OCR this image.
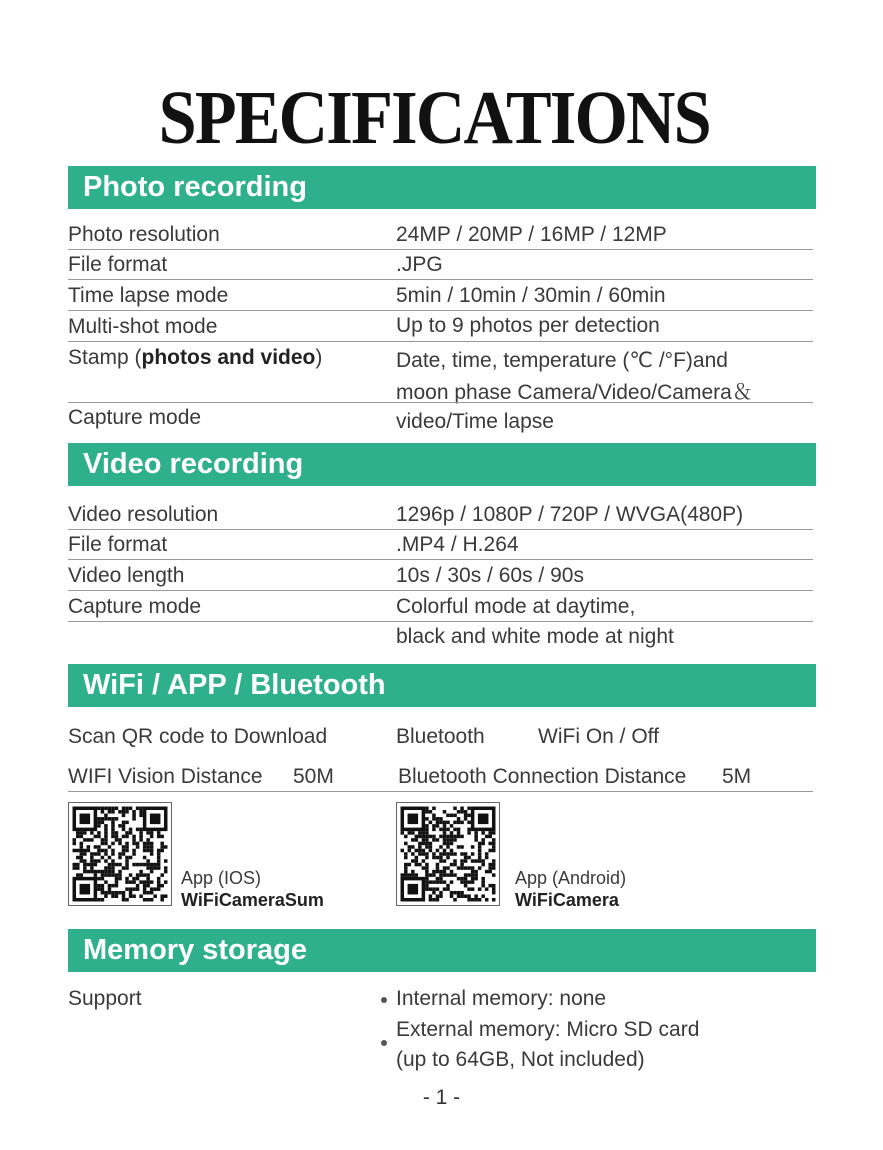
SPECIFICATIONS
Photo recording
Photo resolution	24MP / 20MP / 16MP / 12MP
File format	.JPG
Time lapse mode	5min / 10min / 30min / 60min
Multi-shot mode	Up to 9 photos per detection
Stamp (photos and video)	Date, time, temperature (℃ /°F)and
moon phase Camera/Video/Camera＆
Capture mode	video/Time lapse
Video recording
Video resolution	1296p / 1080P / 720P / WVGA(480P)
File format	.MP4 / H.264
Video length	10s / 30s / 60s / 90s
Capture mode	Colorful mode at daytime,
black and white mode at night
WiFi / APP / Bluetooth
Scan QR code to Download	Bluetooth	WiFi On / Off
WIFI Vision Distance 50M	Bluetooth Connection Distance 5M
App (IOS)
WiFiCameraSum
App (Android)
WiFiCamera
Memory storage
Support	Internal memory: none
External memory: Micro SD card
(up to 64GB, Not included)
- 1 -
